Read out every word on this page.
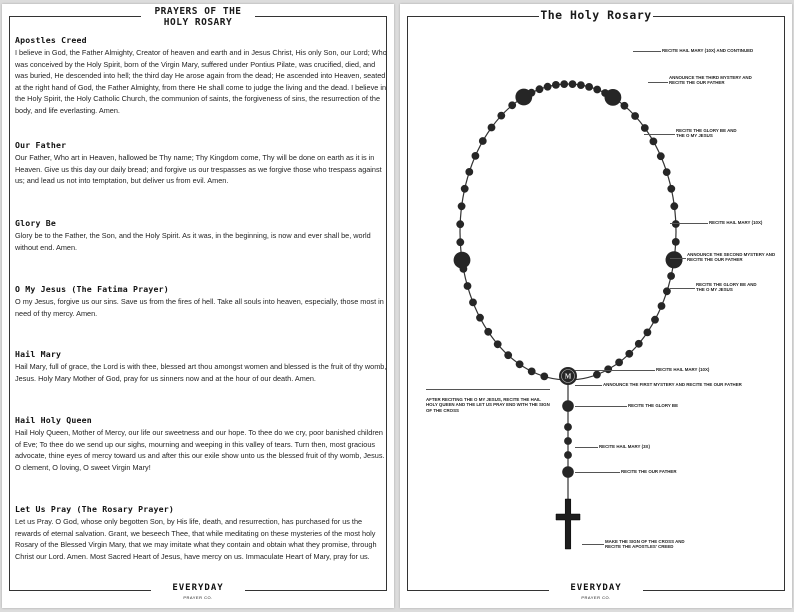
PRAYERS OF THE
HOLY ROSARY
Apostles Creed

I believe in God, the Father Almighty, Creator of heaven and earth and in Jesus Christ, His only Son, our Lord; Who was conceived by the Holy Spirit, born of the Virgin Mary, suffered under Pontius Pilate, was crucified, died, and was buried, He descended into hell; the third day He arose again from the dead; He ascended into Heaven, seated at the right hand of God, the Father Almighty, from there He shall come to judge the living and the dead. I believe in the Holy Spirit, the Holy Catholic Church, the communion of saints, the forgiveness of sins, the resurrection of the body, and life everlasting. Amen.

Our Father

Our Father, Who art in Heaven, hallowed be Thy name; Thy Kingdom come, Thy will be done on earth as it is in Heaven. Give us this day our daily bread; and forgive us our trespasses as we forgive those who trespass against us; and lead us not into temptation, but deliver us from evil. Amen.

Glory Be

Glory be to the Father, the Son, and the Holy Spirit. As it was, in the beginning, is now and ever shall be, world without end. Amen.

O My Jesus (The Fatima Prayer)

O my Jesus, forgive us our sins. Save us from the fires of hell. Take all souls into heaven, especially, those most in need of thy mercy. Amen.

Hail Mary

Hail Mary, full of grace, the Lord is with thee, blessed art thou amongst women and blessed is the fruit of thy womb, Jesus. Holy Mary Mother of God, pray for us sinners now and at the hour of our death. Amen.

Hail Holy Queen

Hail Holy Queen, Mother of Mercy, our life our sweetness and our hope. To thee do we cry, poor banished children of Eve; To thee do we send up our sighs, mourning and weeping in this valley of tears. Turn then, most gracious advocate, thine eyes of mercy toward us and after this our exile show unto us the blessed fruit of thy womb, Jesus. O clement, O loving, O sweet Virgin Mary!

Let Us Pray (The Rosary Prayer)

Let us Pray. O God, whose only begotten Son, by His life, death, and resurrection, has purchased for us the rewards of eternal salvation. Grant, we beseech Thee, that while meditating on these mysteries of the most holy Rosary of the Blessed Virgin Mary, that we may imitate what they contain and obtain what they promise, through Christ our Lord. Amen. Most Sacred Heart of Jesus, have mercy on us. Immaculate Heart of Mary, pray for us.

EVERYDAY
PRAYER CO.
The Holy Rosary
EVERYDAY
PRAYER CO.
M
RECITE HAIL MARY (10X) AND CONTINUED
ANNOUNCE THE THIRD MYSTERY AND RECITE THE OUR FATHER
RECITE THE GLORY BE AND THE O MY JESUS
RECITE HAIL MARY (10X)
ANNOUNCE THE SECOND MYSTERY AND RECITE THE OUR FATHER
RECITE THE GLORY BE AND THE O MY JESUS
RECITE HAIL MARY (10X)
ANNOUNCE THE FIRST MYSTERY AND RECITE THE OUR FATHER
AFTER RECITING THE O MY JESUS, RECITE THE HAIL HOLY QUEEN AND THE LET US PRAY END WITH THE SIGN OF THE CROSS
RECITE THE GLORY BE
RECITE HAIL MARY (3X)
RECITE THE OUR FATHER
MAKE THE SIGN OF THE CROSS AND RECITE THE APOSTLES' CREED
